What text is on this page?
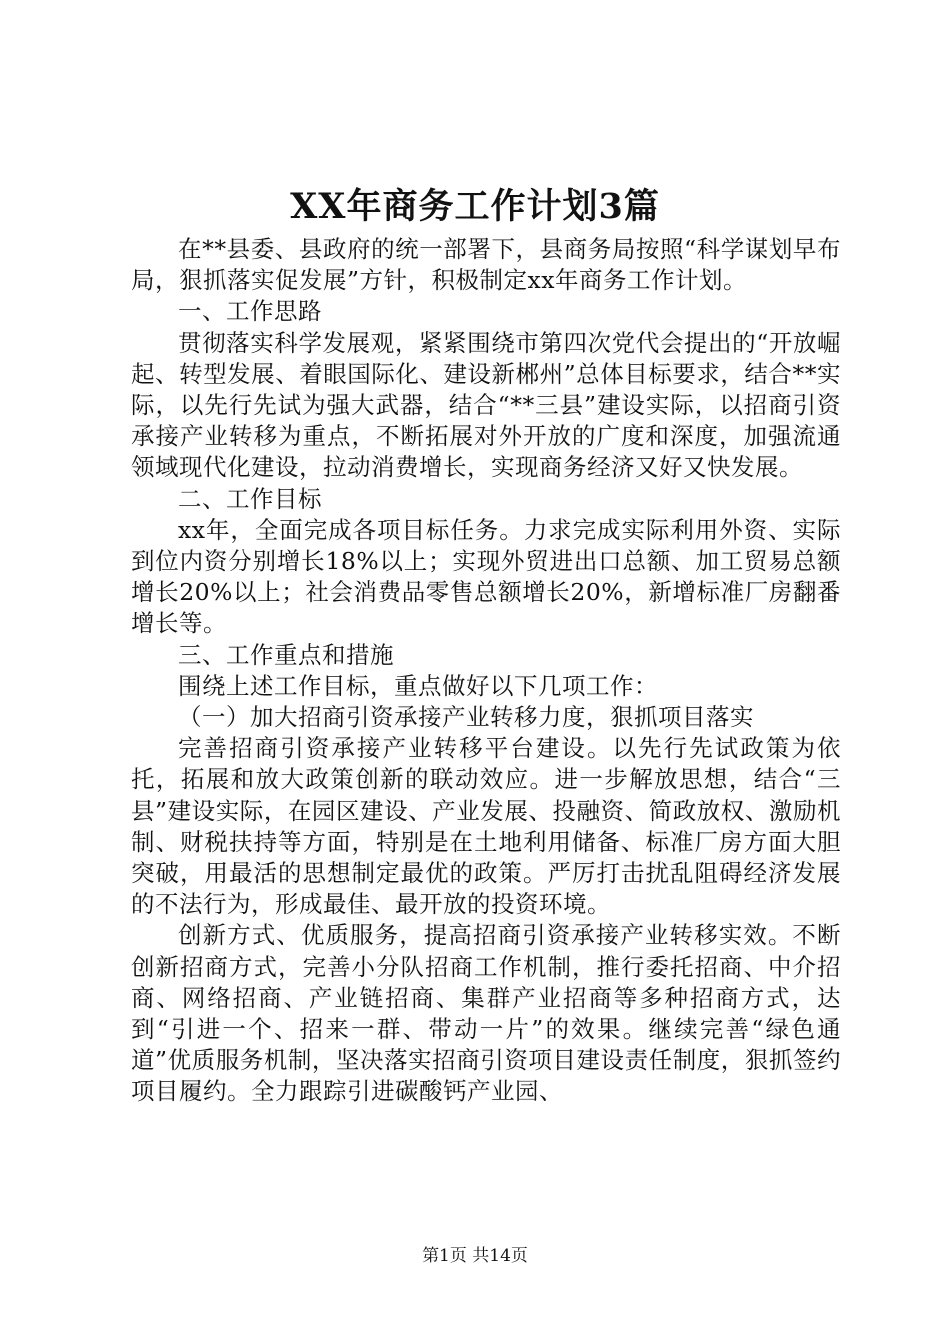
XX年商务工作计划3篇

在**县委、县政府的统一部署下，县商务局按照“科学谋划早布局，狠抓落实促发展”方针，积极制定xx年商务工作计划。

一、工作思路

贯彻落实科学发展观，紧紧围绕市第四次党代会提出的“开放崛起、转型发展、着眼国际化、建设新郴州”总体目标要求，结合**实际，以先行先试为强大武器，结合“**三县”建设实际，以招商引资承接产业转移为重点，不断拓展对外开放的广度和深度，加强流通领域现代化建设，拉动消费增长，实现商务经济又好又快发展。

二、工作目标

xx年，全面完成各项目标任务。力求完成实际利用外资、实际到位内资分别增长18%以上；实现外贸进出口总额、加工贸易总额增长20%以上；社会消费品零售总额增长20%，新增标准厂房翻番增长等。

三、工作重点和措施

围绕上述工作目标，重点做好以下几项工作：

（一）加大招商引资承接产业转移力度，狠抓项目落实

完善招商引资承接产业转移平台建设。以先行先试政策为依托，拓展和放大政策创新的联动效应。进一步解放思想，结合“三县”建设实际，在园区建设、产业发展、投融资、简政放权、激励机制、财税扶持等方面，特别是在土地利用储备、标准厂房方面大胆突破，用最活的思想制定最优的政策。严厉打击扰乱阻碍经济发展的不法行为，形成最佳、最开放的投资环境。

创新方式、优质服务，提高招商引资承接产业转移实效。不断创新招商方式，完善小分队招商工作机制，推行委托招商、中介招商、网络招商、产业链招商、集群产业招商等多种招商方式，达到“引进一个、招来一群、带动一片”的效果。继续完善“绿色通道”优质服务机制，坚决落实招商引资项目建设责任制度，狠抓签约项目履约。全力跟踪引进碳酸钙产业园、

第1页 共14页
